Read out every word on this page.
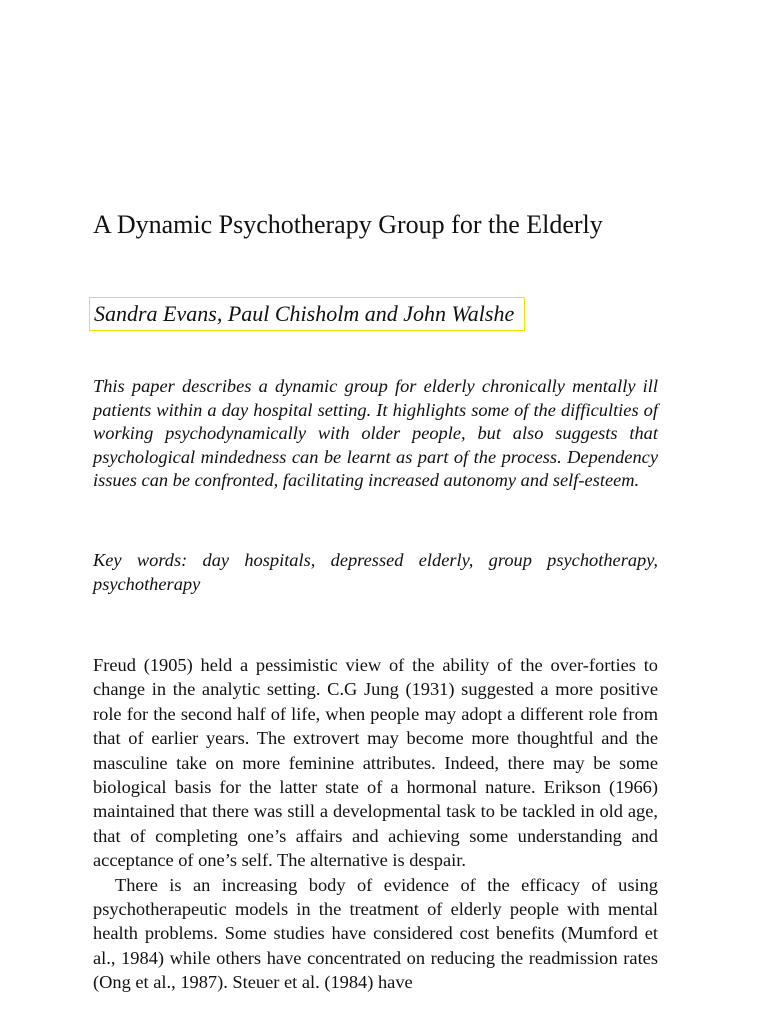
A Dynamic Psychotherapy Group for the Elderly
Sandra Evans, Paul Chisholm and John Walshe

This paper describes a dynamic group for elderly chronically mentally ill patients within a day hospital setting. It highlights some of the difficulties of working psychodynamically with older people, but also suggests that psychological mindedness can be learnt as part of the process. Dependency issues can be confronted, facilitating increased autonomy and self-esteem.

Key words: day hospitals, depressed elderly, group psychotherapy, psychotherapy

Freud (1905) held a pessimistic view of the ability of the over-forties to change in the analytic setting. C.G Jung (1931) suggested a more positive role for the second half of life, when people may adopt a different role from that of earlier years. The extrovert may become more thoughtful and the masculine take on more feminine attributes. Indeed, there may be some biological basis for the latter state of a hormonal nature. Erikson (1966) maintained that there was still a developmental task to be tackled in old age, that of completing one’s affairs and achieving some understanding and acceptance of one’s self. The alternative is despair.

There is an increasing body of evidence of the efficacy of using psychotherapeutic models in the treatment of elderly people with mental health problems. Some studies have considered cost benefits (Mumford et al., 1984) while others have concentrated on reducing the readmission rates (Ong et al., 1987). Steuer et al. (1984) have
